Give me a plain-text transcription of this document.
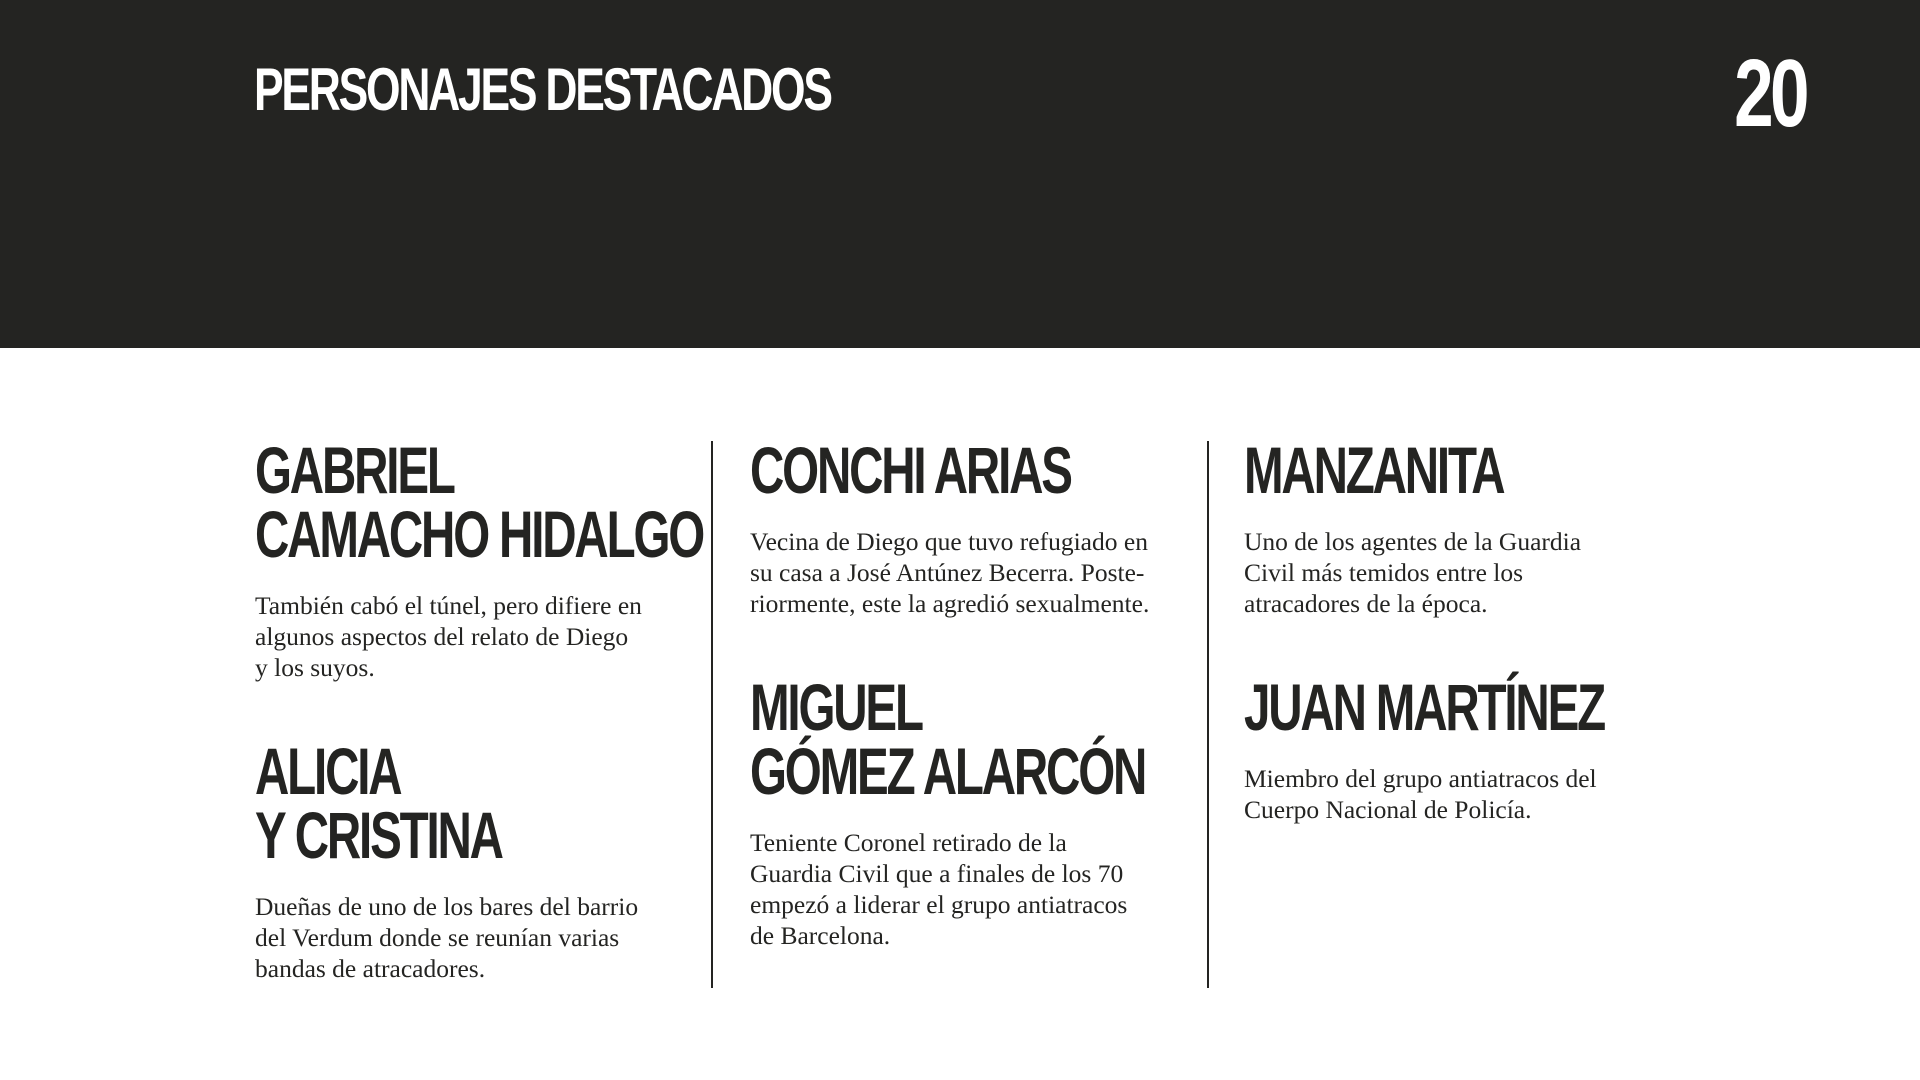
PERSONAJES DESTACADOS	20
GABRIEL
CAMACHO HIDALGO
También cabó el túnel, pero difiere en
algunos aspectos del relato de Diego
y los suyos.
ALICIA
Y CRISTINA
Dueñas de uno de los bares del barrio
del Verdum donde se reunían varias
bandas de atracadores.
CONCHI ARIAS
Vecina de Diego que tuvo refugiado en
su casa a José Antúnez Becerra. Poste-
riormente, este la agredió sexualmente.
MIGUEL
GÓMEZ ALARCÓN
Teniente Coronel retirado de la
Guardia Civil que a finales de los 70
empezó a liderar el grupo antiatracos
de Barcelona.
MANZANITA
Uno de los agentes de la Guardia
Civil más temidos entre los
atracadores de la época.
JUAN MARTÍNEZ
Miembro del grupo antiatracos del
Cuerpo Nacional de Policía.
